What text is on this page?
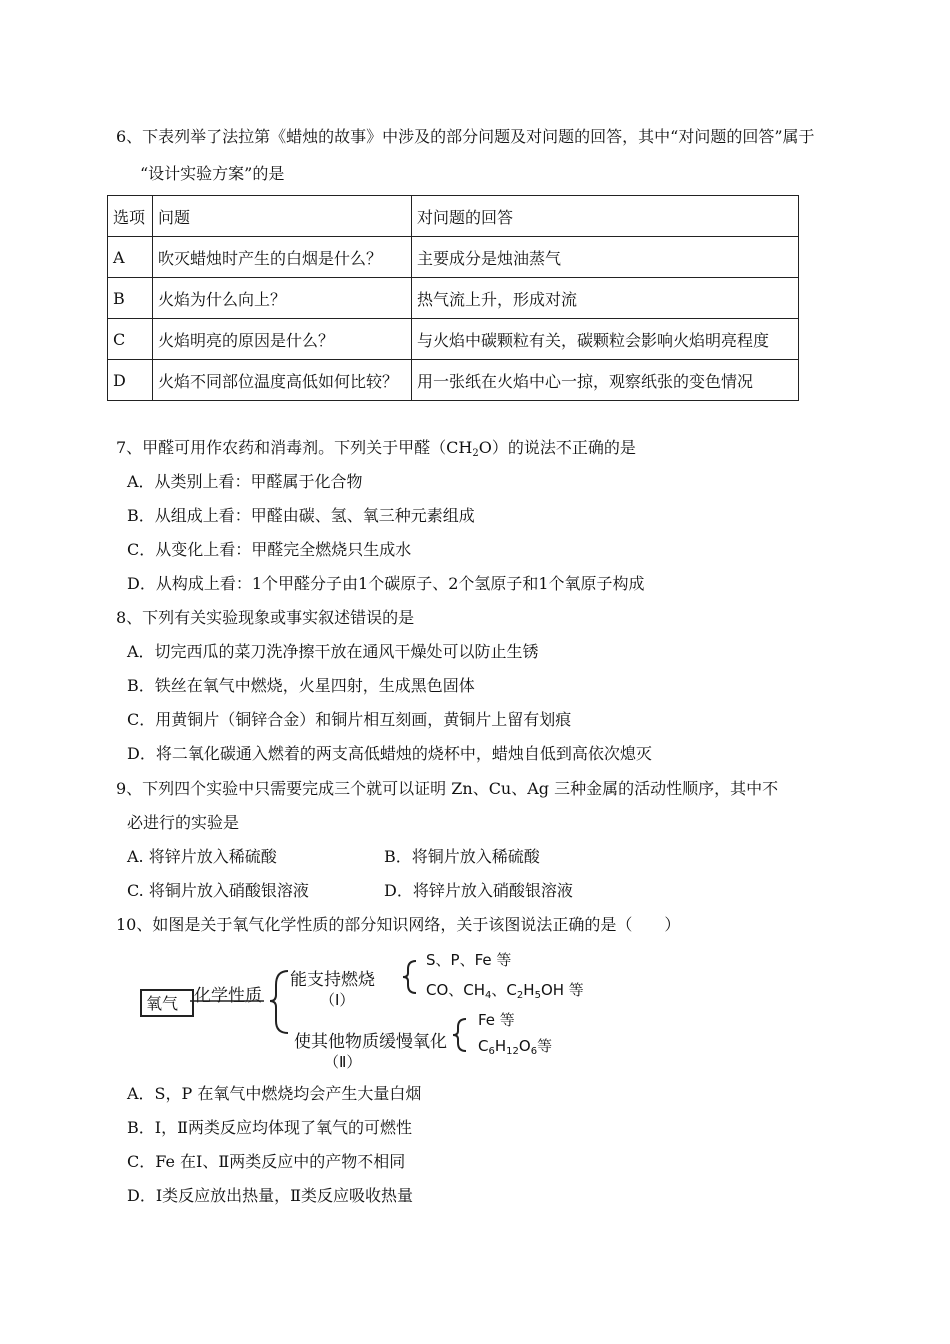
6、下表列举了法拉第《蜡烛的故事》中涉及的部分问题及对问题的回答，其中“对问题的回答”属于
“设计实验方案”的是
选项	问题	对问题的回答
A	吹灭蜡烛时产生的白烟是什么？	主要成分是烛油蒸气
B	火焰为什么向上？	热气流上升，形成对流
C	火焰明亮的原因是什么？	与火焰中碳颗粒有关，碳颗粒会影响火焰明亮程度
D	火焰不同部位温度高低如何比较？	用一张纸在火焰中心一掠，观察纸张的变色情况
7、甲醛可用作农药和消毒剂。下列关于甲醛$(CH_2O)$的说法不正确的是
A．从类别上看：甲醛属于化合物
B．从组成上看：甲醛由碳、氢、氧三种元素组成
C．从变化上看：甲醛完全燃烧只生成水
D．从构成上看：1个甲醛分子由1个碳原子、2个氢原子和1个氧原子构成
8、下列有关实验现象或事实叙述错误的是
A．切完西瓜的菜刀洗净擦干放在通风干燥处可以防止生锈
B．铁丝在氧气中燃烧，火星四射，生成黑色固体
C．用黄铜片（铜锌合金）和铜片相互刻画，黄铜片上留有划痕
D．将二氧化碳通入燃着的两支高低蜡烛的烧杯中，蜡烛自低到高依次熄灭
9、下列四个实验中只需要完成三个就可以证明 Zn、Cu、Ag 三种金属的活动性顺序，其中不
必进行的实验是
A. 将锌片放入稀硫酸	B．将铜片放入稀硫酸
C. 将铜片放入硝酸银溶液	D．将锌片放入硝酸银溶液
10、如图是关于氧气化学性质的部分知识网络，关于该图说法正确的是（　　）
氧气 化学性质
能支持燃烧
（Ⅰ）
S、P、Fe 等
CO、$CH_4$、$C_2H_5OH$ 等
使其他物质缓慢氧化
（Ⅱ）
Fe 等
$C_6H_{12}O_6$等
A．S，P 在氧气中燃烧均会产生大量白烟
B．Ⅰ，Ⅱ两类反应均体现了氧气的可燃性
C．Fe 在Ⅰ、Ⅱ两类反应中的产物不相同
D．Ⅰ类反应放出热量，Ⅱ类反应吸收热量
